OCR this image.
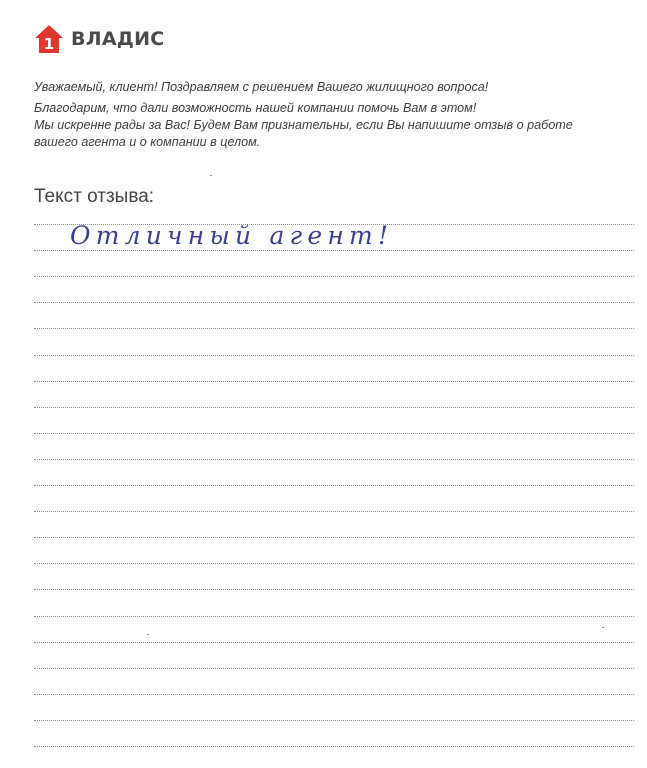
1 ВЛАДИС

Уважаемый, клиент! Поздравляем с решением Вашего жилищного вопроса!

Благодарим, что дали возможность нашей компании помочь Вам в этом!

Мы искренне рады за Вас! Будем Вам признательны, если Вы напишите отзыв о работе

вашего агента и о компании в целом.

Текст отзыва:
Отличный агент!
